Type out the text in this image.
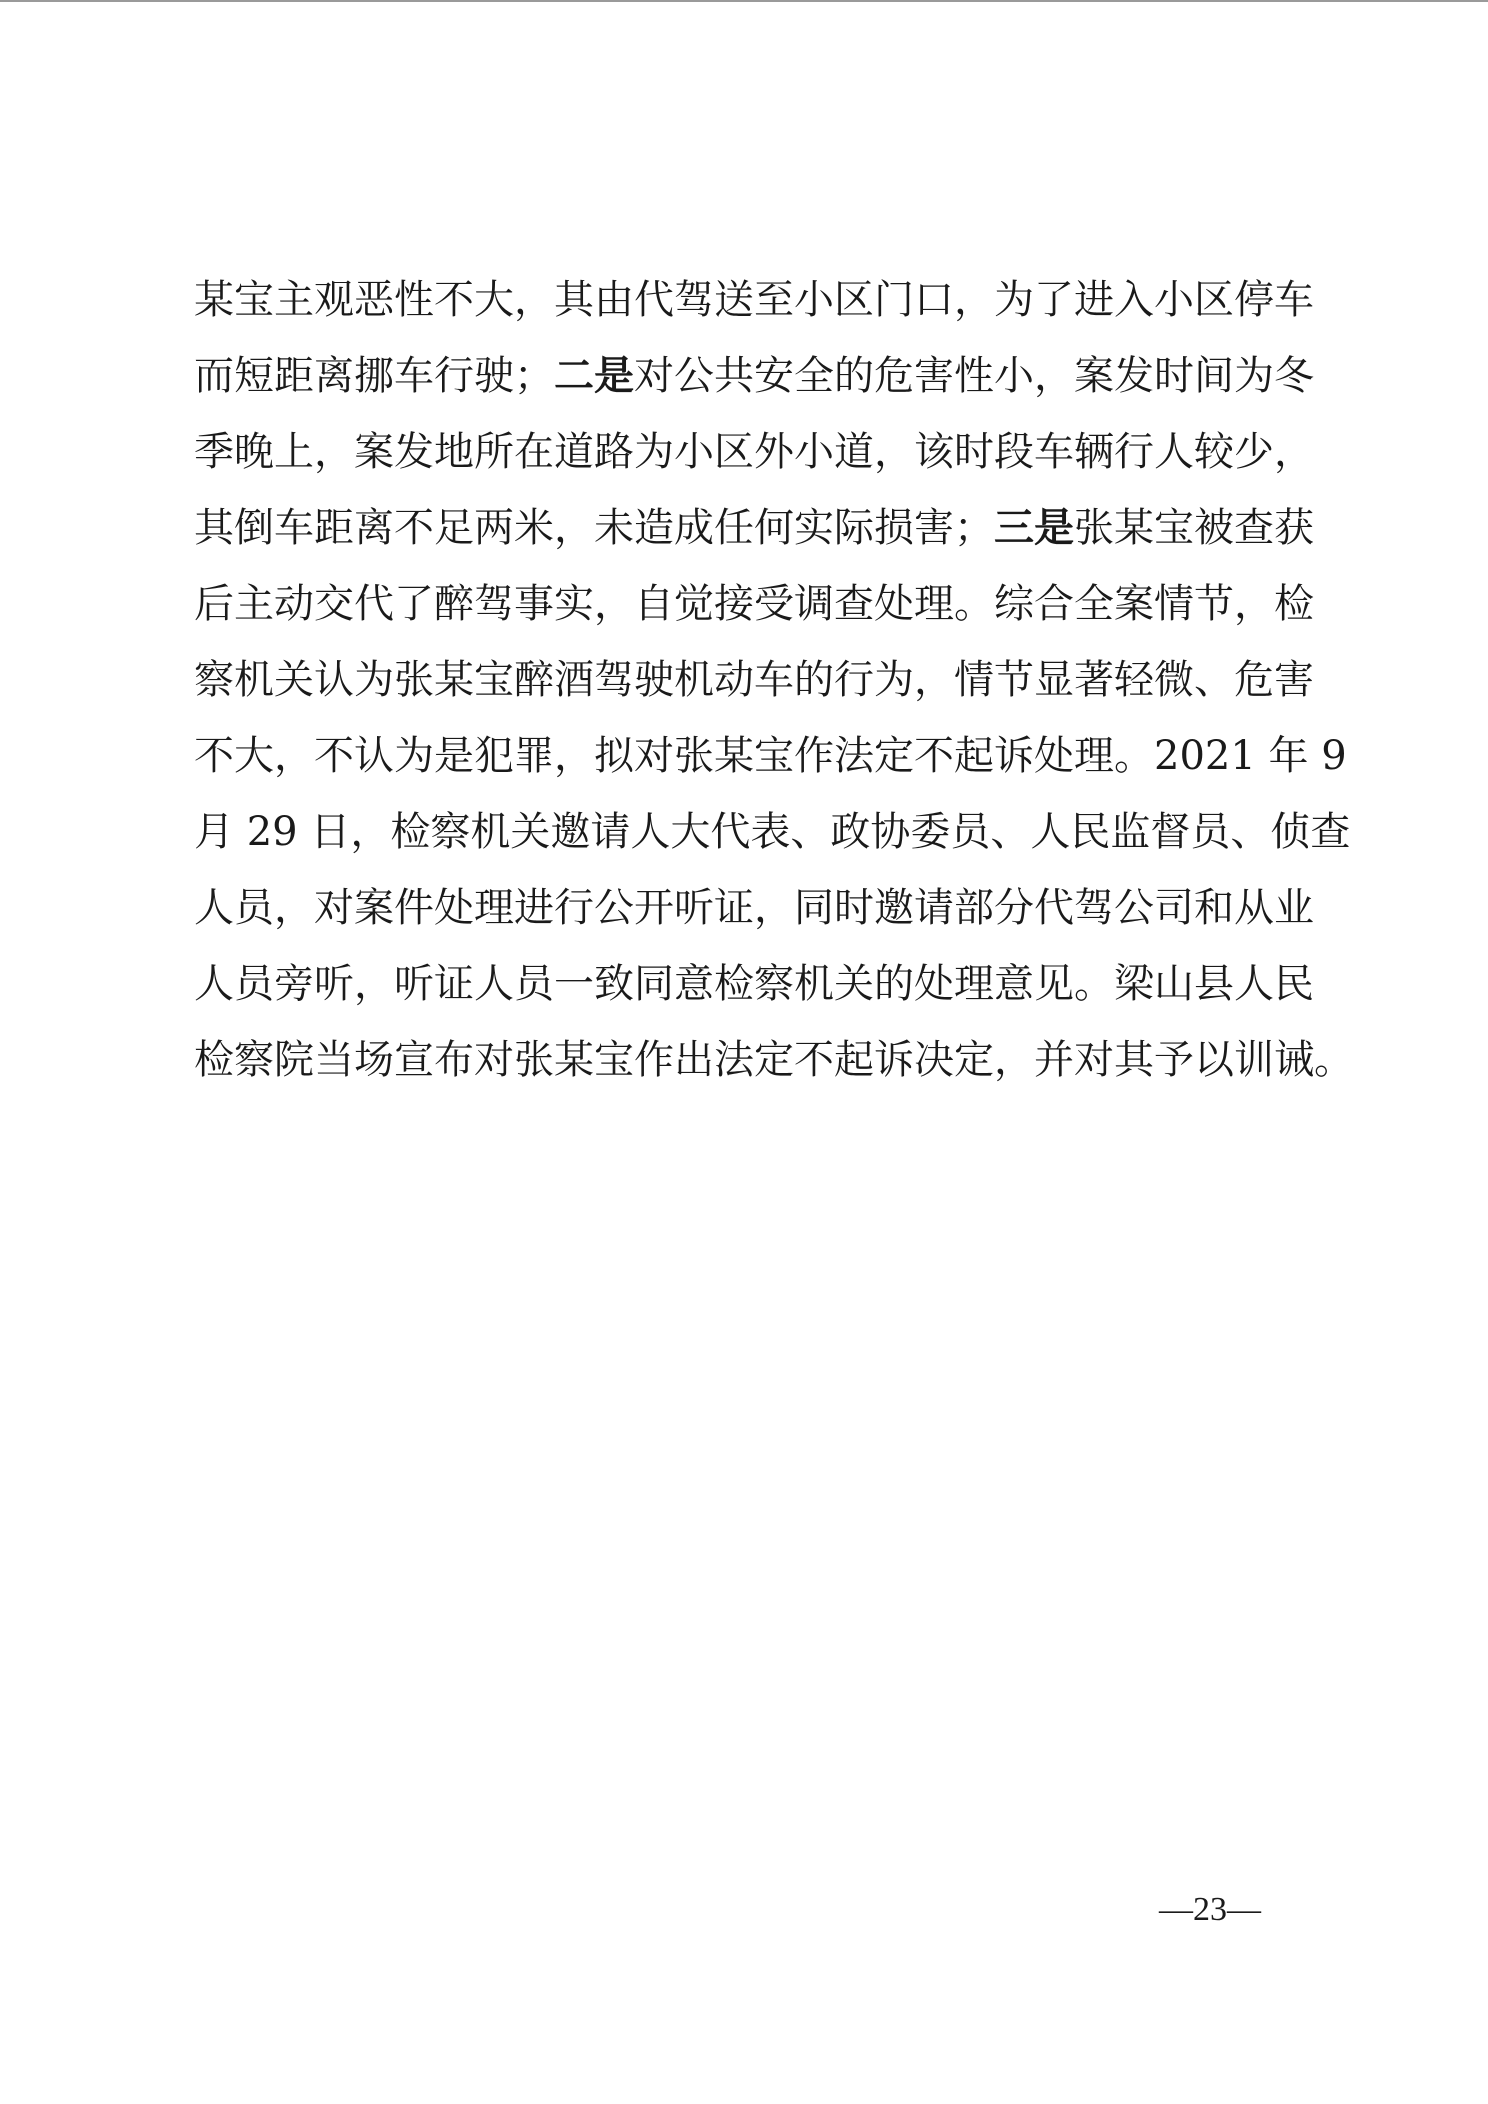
某宝主观恶性不大，其由代驾送至小区门口，为了进入小区停车
而短距离挪车行驶；二是对公共安全的危害性小，案发时间为冬
季晚上，案发地所在道路为小区外小道，该时段车辆行人较少，
其倒车距离不足两米，未造成任何实际损害；三是张某宝被查获
后主动交代了醉驾事实，自觉接受调查处理。综合全案情节，检
察机关认为张某宝醉酒驾驶机动车的行为，情节显著轻微、危害
不大，不认为是犯罪，拟对张某宝作法定不起诉处理。2021 年 9
月 29 日，检察机关邀请人大代表、政协委员、人民监督员、侦查
人员，对案件处理进行公开听证，同时邀请部分代驾公司和从业
人员旁听，听证人员一致同意检察机关的处理意见。梁山县人民
检察院当场宣布对张某宝作出法定不起诉决定，并对其予以训诫。
—23—
